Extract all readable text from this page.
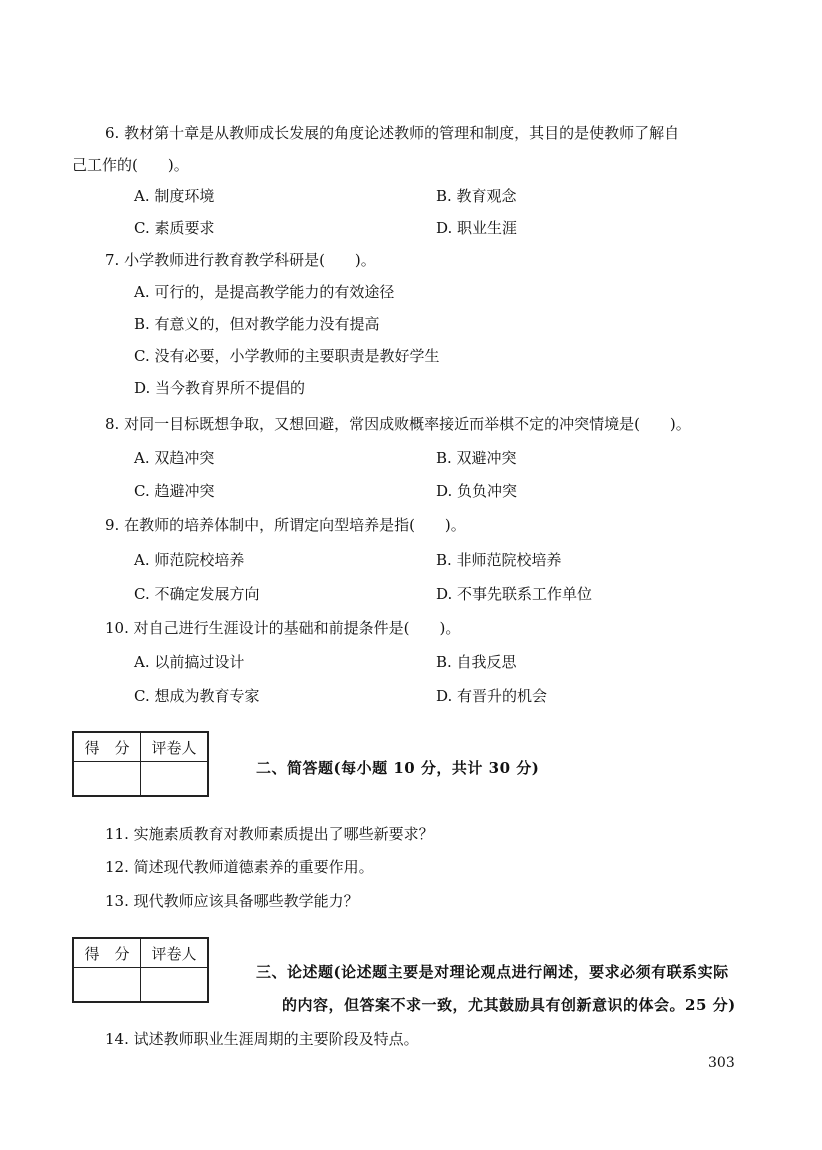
6. 教材第十章是从教师成长发展的角度论述教师的管理和制度，其目的是使教师了解自
己工作的(　　)。
A. 制度环境	B. 教育观念
C. 素质要求	D. 职业生涯
7. 小学教师进行教育教学科研是(　　)。
A. 可行的，是提高教学能力的有效途径
B. 有意义的，但对教学能力没有提高
C. 没有必要，小学教师的主要职责是教好学生
D. 当今教育界所不提倡的
8. 对同一目标既想争取，又想回避，常因成败概率接近而举棋不定的冲突情境是(　　)。
A. 双趋冲突	B. 双避冲突
C. 趋避冲突	D. 负负冲突
9. 在教师的培养体制中，所谓定向型培养是指(　　)。
A. 师范院校培养	B. 非师范院校培养
C. 不确定发展方向	D. 不事先联系工作单位
10. 对自己进行生涯设计的基础和前提条件是(　　)。
A. 以前搞过设计	B. 自我反思
C. 想成为教育专家	D. 有晋升的机会
得　分	评卷人

二、简答题(每小题 10 分，共计 30 分)
11. 实施素质教育对教师素质提出了哪些新要求？
12. 简述现代教师道德素养的重要作用。
13. 现代教师应该具备哪些教学能力？
得　分	评卷人

三、论述题(论述题主要是对理论观点进行阐述，要求必须有联系实际
的内容，但答案不求一致，尤其鼓励具有创新意识的体会。25 分)
14. 试述教师职业生涯周期的主要阶段及特点。
303
